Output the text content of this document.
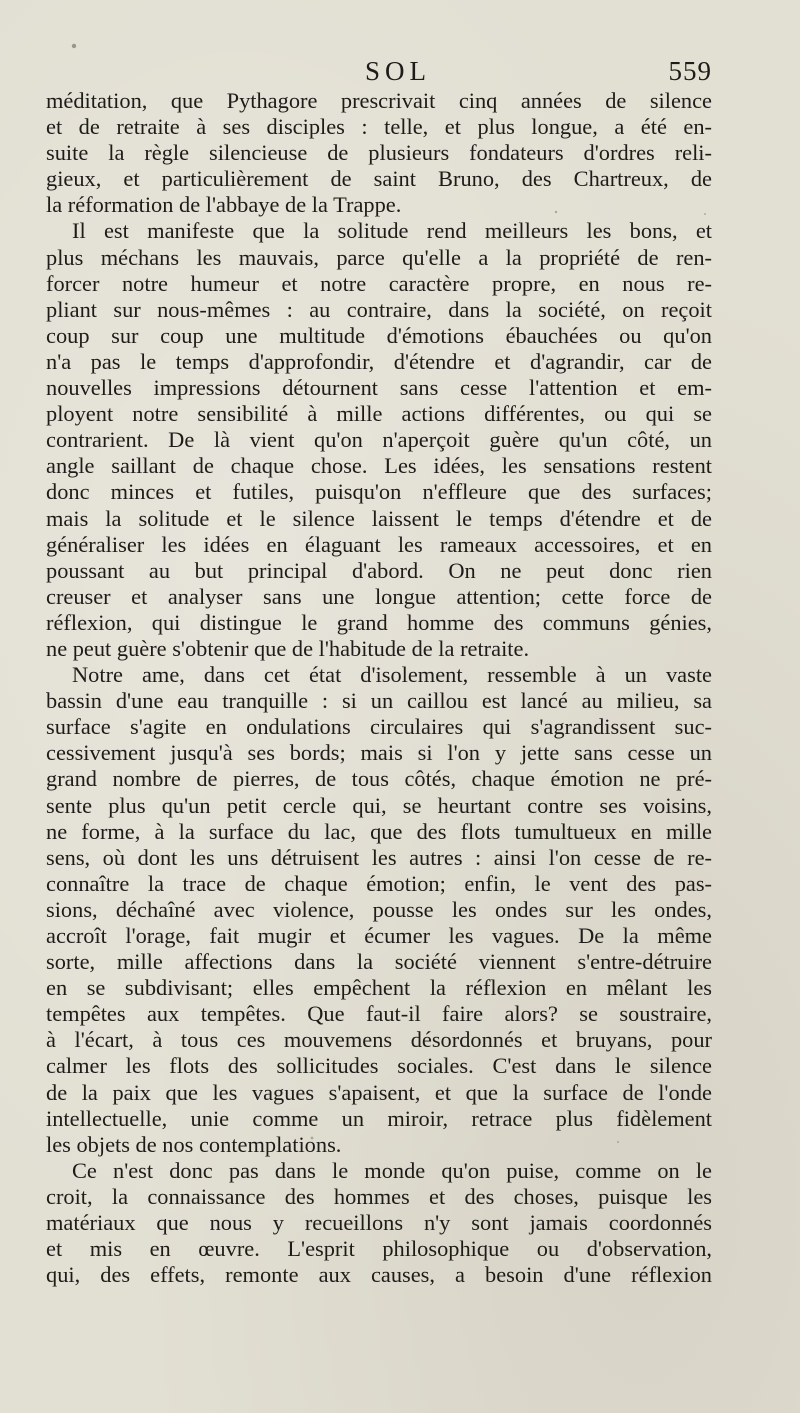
SOL	559
méditation, que Pythagore prescrivait cinq années de silence
et de retraite à ses disciples : telle, et plus longue, a été en-
suite la règle silencieuse de plusieurs fondateurs d'ordres reli-
gieux, et particulièrement de saint Bruno, des Chartreux, de
la réformation de l'abbaye de la Trappe.
Il est manifeste que la solitude rend meilleurs les bons, et
plus méchans les mauvais, parce qu'elle a la propriété de ren-
forcer notre humeur et notre caractère propre, en nous re-
pliant sur nous-mêmes : au contraire, dans la société, on reçoit
coup sur coup une multitude d'émotions ébauchées ou qu'on
n'a pas le temps d'approfondir, d'étendre et d'agrandir, car de
nouvelles impressions détournent sans cesse l'attention et em-
ployent notre sensibilité à mille actions différentes, ou qui se
contrarient. De là vient qu'on n'aperçoit guère qu'un côté, un
angle saillant de chaque chose. Les idées, les sensations restent
donc minces et futiles, puisqu'on n'effleure que des surfaces;
mais la solitude et le silence laissent le temps d'étendre et de
généraliser les idées en élaguant les rameaux accessoires, et en
poussant au but principal d'abord. On ne peut donc rien
creuser et analyser sans une longue attention; cette force de
réflexion, qui distingue le grand homme des communs génies,
ne peut guère s'obtenir que de l'habitude de la retraite.
Notre ame, dans cet état d'isolement, ressemble à un vaste
bassin d'une eau tranquille : si un caillou est lancé au milieu, sa
surface s'agite en ondulations circulaires qui s'agrandissent suc-
cessivement jusqu'à ses bords; mais si l'on y jette sans cesse un
grand nombre de pierres, de tous côtés, chaque émotion ne pré-
sente plus qu'un petit cercle qui, se heurtant contre ses voisins,
ne forme, à la surface du lac, que des flots tumultueux en mille
sens, où dont les uns détruisent les autres : ainsi l'on cesse de re-
connaître la trace de chaque émotion; enfin, le vent des pas-
sions, déchaîné avec violence, pousse les ondes sur les ondes,
accroît l'orage, fait mugir et écumer les vagues. De la même
sorte, mille affections dans la société viennent s'entre-détruire
en se subdivisant; elles empêchent la réflexion en mêlant les
tempêtes aux tempêtes. Que faut-il faire alors? se soustraire,
à l'écart, à tous ces mouvemens désordonnés et bruyans, pour
calmer les flots des sollicitudes sociales. C'est dans le silence
de la paix que les vagues s'apaisent, et que la surface de l'onde
intellectuelle, unie comme un miroir, retrace plus fidèlement
les objets de nos contemplations.
Ce n'est donc pas dans le monde qu'on puise, comme on le
croit, la connaissance des hommes et des choses, puisque les
matériaux que nous y recueillons n'y sont jamais coordonnés
et mis en œuvre. L'esprit philosophique ou d'observation,
qui, des effets, remonte aux causes, a besoin d'une réflexion
